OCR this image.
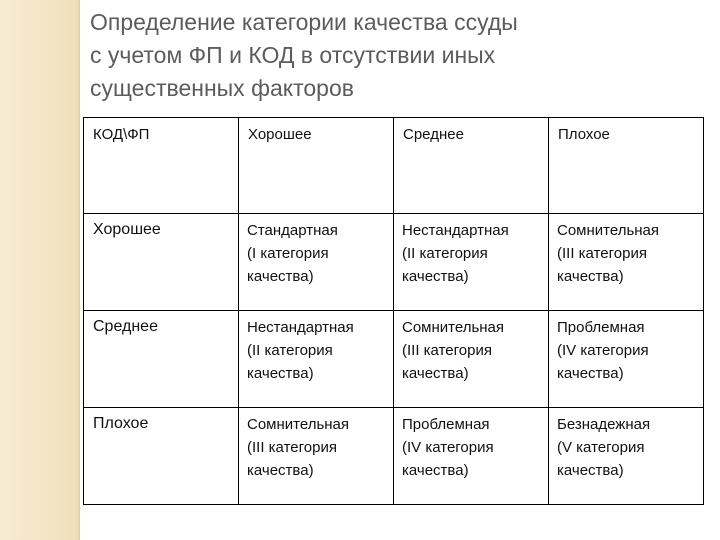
Определение категории качества ссуды
с учетом ФП и КОД в отсутствии иных
существенных факторов
КОД\ФП	Хорошее	Среднее	Плохое
Хорошее	Стандартная
(I категория
качества)	Нестандартная
(II категория
качества)	Сомнительная
(III категория
качества)

Среднее	Нестандартная
(II категория
качества)	Сомнительная
(III категория
качества)	Проблемная
(IV категория
качества)

Плохое	Сомнительная
(III категория
качества)	Проблемная
(IV категория
качества)	Безнадежная
(V категория
качества)
